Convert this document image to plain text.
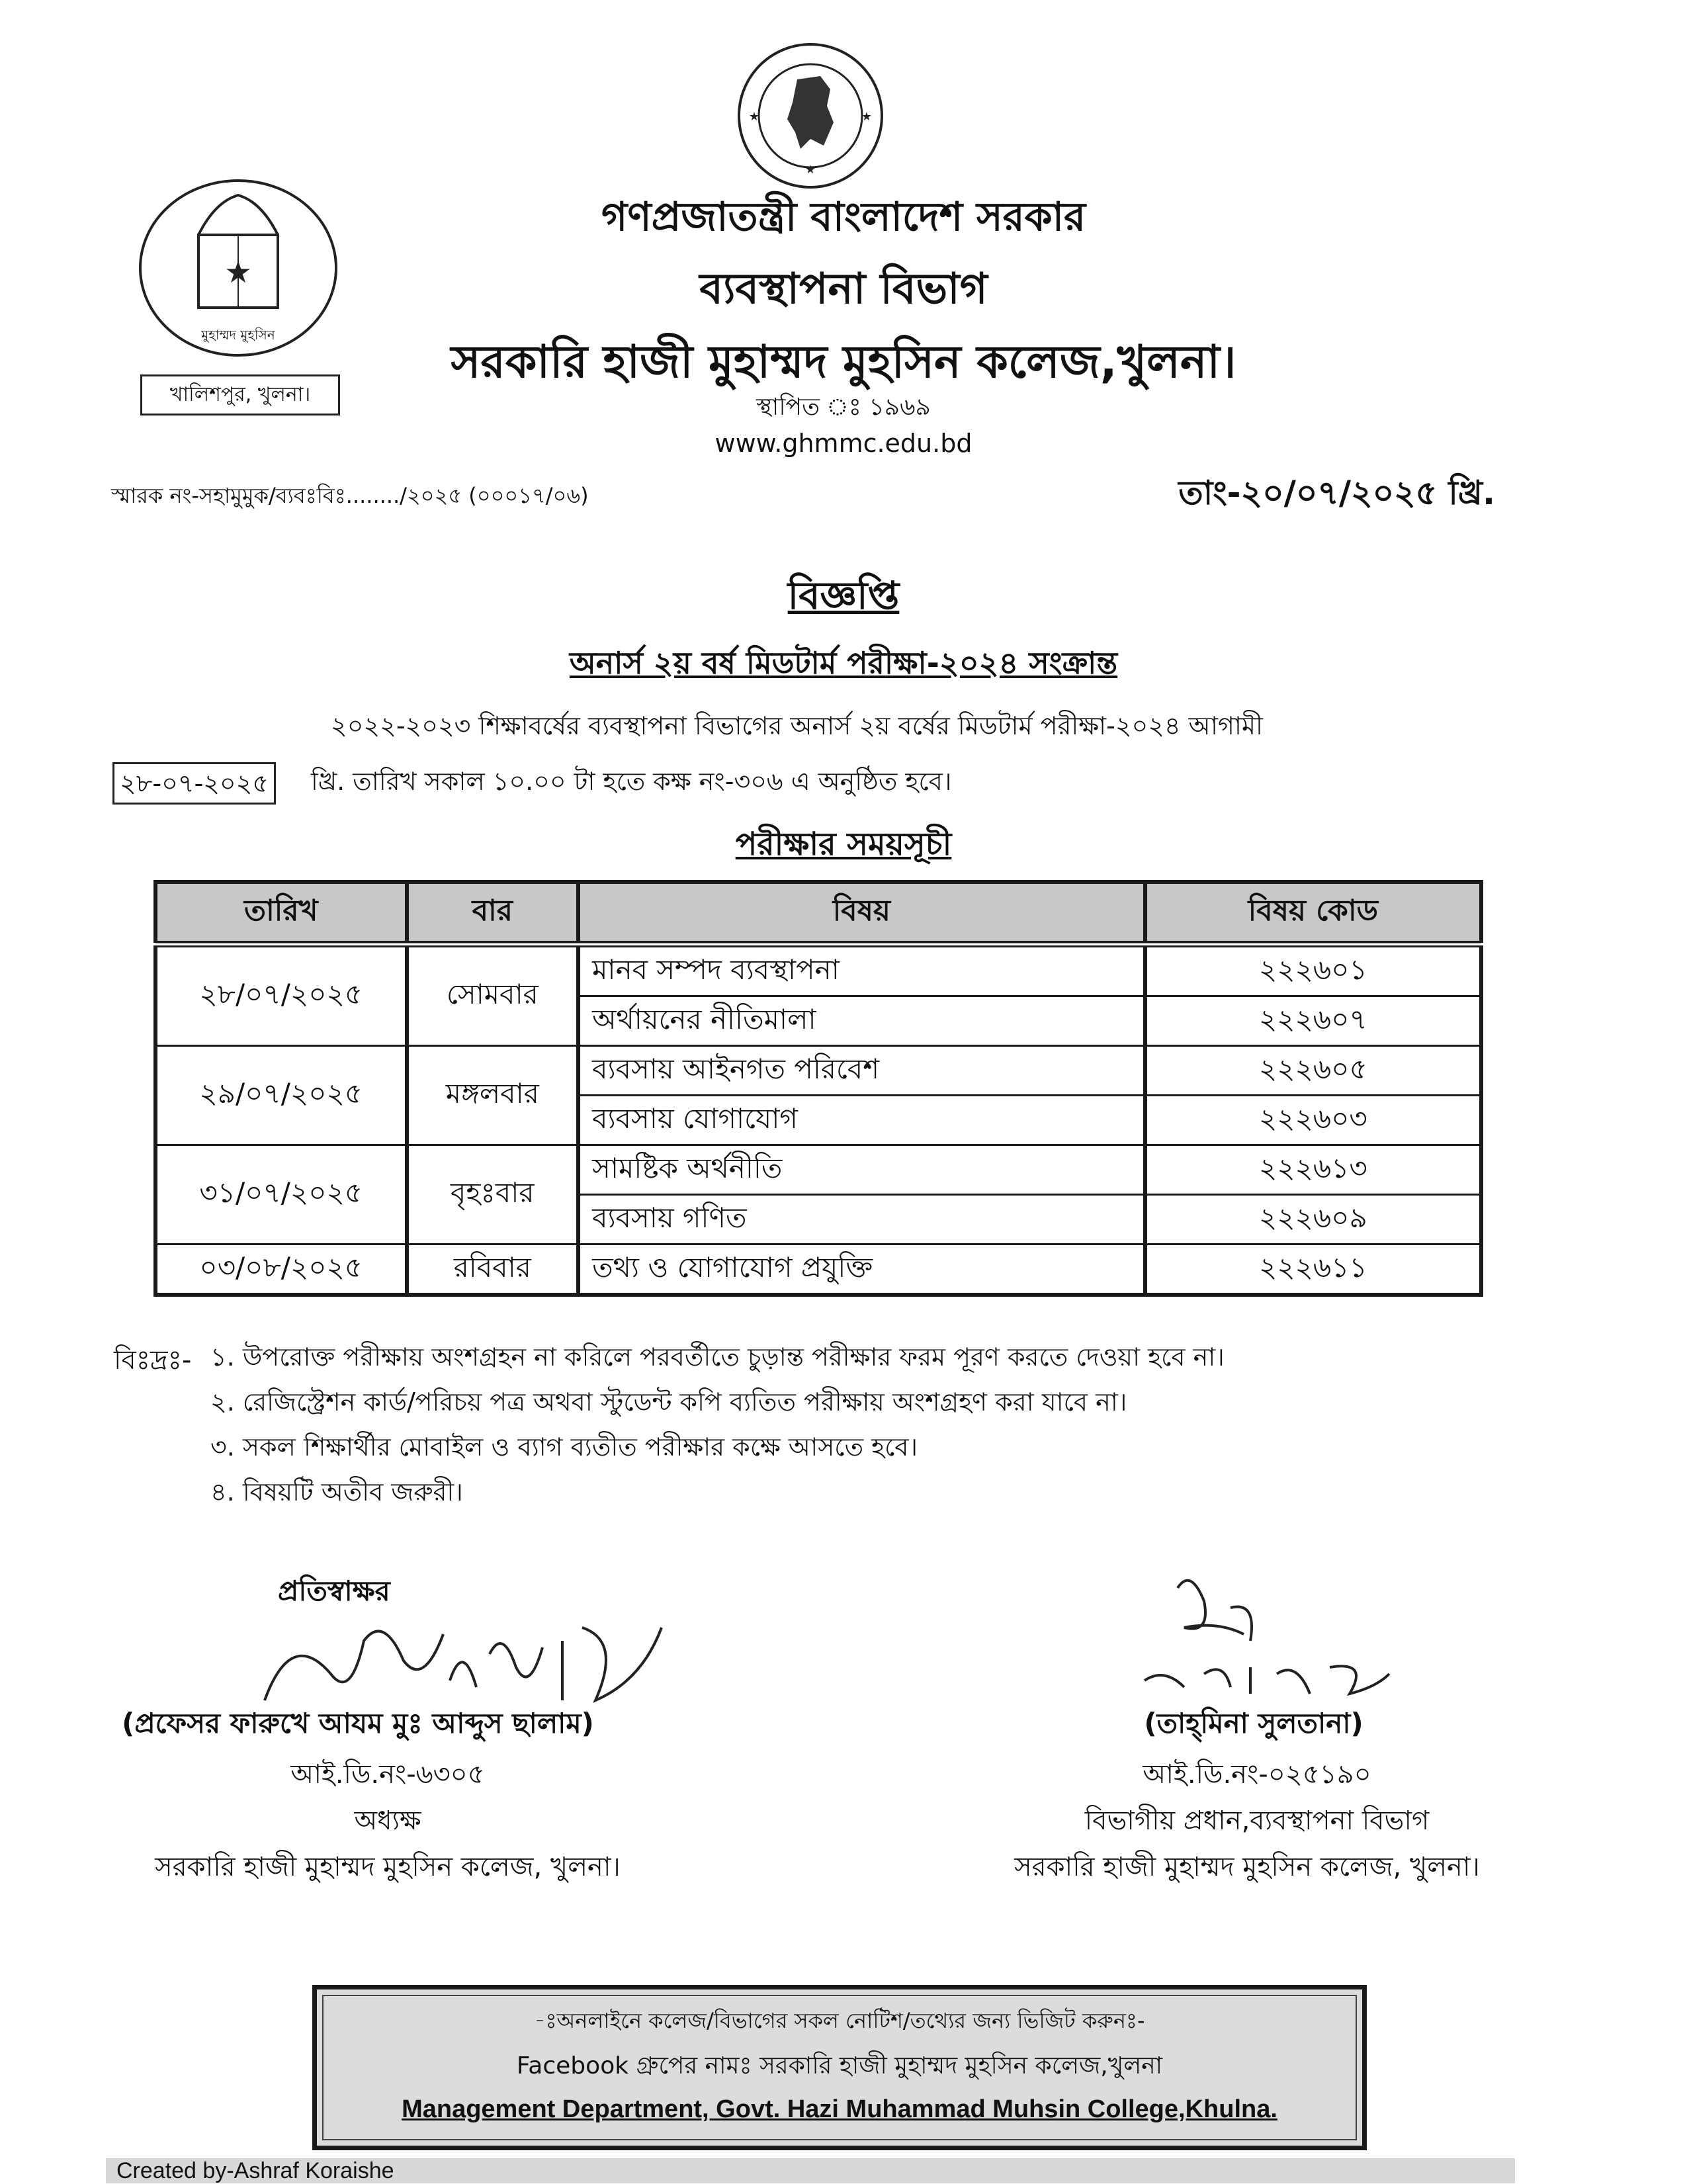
★
★	★
★
মুহাম্মদ মুহসিন
খালিশপুর, খুলনা।
গণপ্রজাতন্ত্রী বাংলাদেশ সরকার
ব্যবস্থাপনা বিভাগ
সরকারি হাজী মুহাম্মদ মুহসিন কলেজ,খুলনা।
স্থাপিত ঃ ১৯৬৯
www.ghmmc.edu.bd
স্মারক নং-সহামুমুক/ব্যবঃবিঃ......../২০২৫ (০০০১৭/০৬)	তাং-২০/০৭/২০২৫ খ্রি.
বিজ্ঞপ্তি
অনার্স ২য় বর্ষ মিডটার্ম পরীক্ষা-২০২৪ সংক্রান্ত
২০২২-২০২৩ শিক্ষাবর্ষের ব্যবস্থাপনা বিভাগের অনার্স ২য় বর্ষের মিডটার্ম পরীক্ষা-২০২৪ আগামী
২৮-০৭-২০২৫ খ্রি. তারিখ সকাল ১০.০০ টা হতে কক্ষ নং-৩০৬ এ অনুষ্ঠিত হবে।
পরীক্ষার সময়সূচী
তারিখ	বার	বিষয়	বিষয় কোড
২৮/০৭/২০২৫	সোমবার	মানব সম্পদ ব্যবস্থাপনা	২২২৬০১
		অর্থায়নের নীতিমালা	২২২৬০৭
২৯/০৭/২০২৫	মঙ্গলবার	ব্যবসায় আইনগত পরিবেশ	২২২৬০৫
		ব্যবসায় যোগাযোগ	২২২৬০৩
৩১/০৭/২০২৫	বৃহঃবার	সামষ্টিক অর্থনীতি	২২২৬১৩
		ব্যবসায় গণিত	২২২৬০৯
০৩/০৮/২০২৫	রবিবার	তথ্য ও যোগাযোগ প্রযুক্তি	২২২৬১১
বিঃদ্রঃ- ১. উপরোক্ত পরীক্ষায় অংশগ্রহন না করিলে পরবর্তীতে চুড়ান্ত পরীক্ষার ফরম পূরণ করতে দেওয়া হবে না।
২. রেজিস্ট্রেশন কার্ড/পরিচয় পত্র অথবা স্টুডেন্ট কপি ব্যতিত পরীক্ষায় অংশগ্রহণ করা যাবে না।
৩. সকল শিক্ষার্থীর মোবাইল ও ব্যাগ ব্যতীত পরীক্ষার কক্ষে আসতে হবে।
৪. বিষয়টি অতীব জরুরী।
প্রতিস্বাক্ষর
(প্রফেসর ফারুখে আযম মুঃ আব্দুস ছালাম)
আই.ডি.নং-৬৩০৫
অধ্যক্ষ
সরকারি হাজী মুহাম্মদ মুহসিন কলেজ, খুলনা।
(তাহ্‌মিনা সুলতানা)
আই.ডি.নং-০২৫১৯০
বিভাগীয় প্রধান,ব্যবস্থাপনা বিভাগ
সরকারি হাজী মুহাম্মদ মুহসিন কলেজ, খুলনা।
-ঃঅনলাইনে কলেজ/বিভাগের সকল নোটিশ/তথ্যের জন্য ভিজিট করুনঃ-
Facebook গ্রুপের নামঃ সরকারি হাজী মুহাম্মদ মুহসিন কলেজ,খুলনা
Management Department, Govt. Hazi Muhammad Muhsin College,Khulna.
Created by-Ashraf Koraishe
